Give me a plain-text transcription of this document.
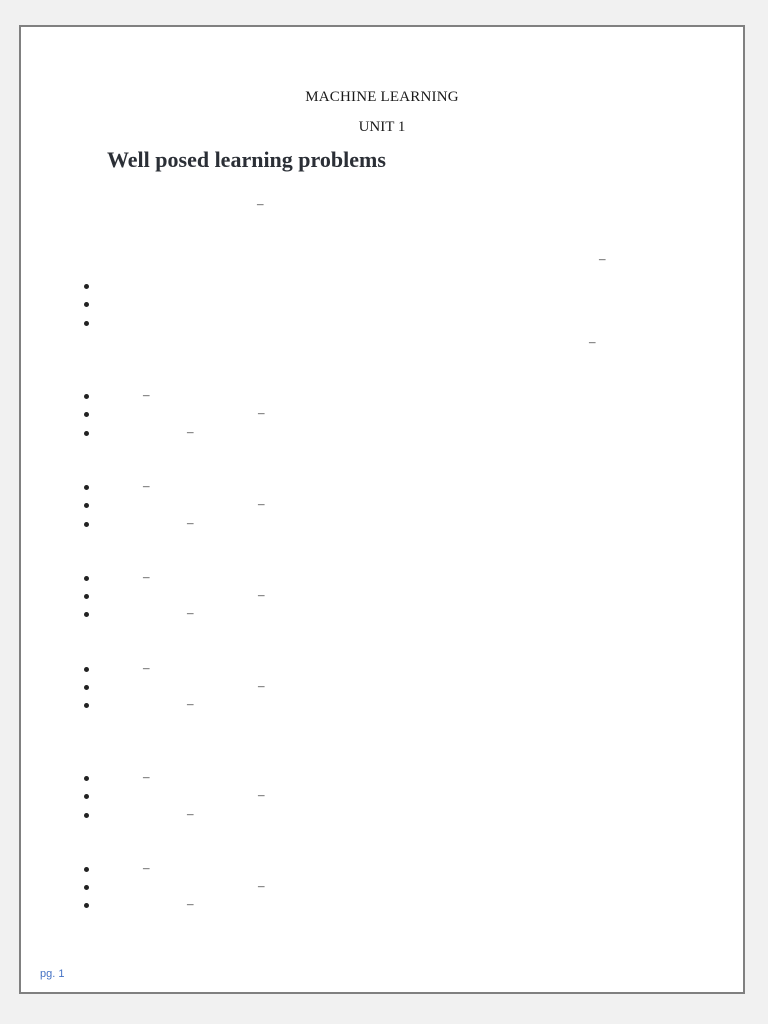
MACHINE LEARNING
UNIT 1
Well posed learning problems
–
–
–
–
–
–
–
–
–
–
–
–
–
–
–
–
–
–
–
–
–
pg. 1
